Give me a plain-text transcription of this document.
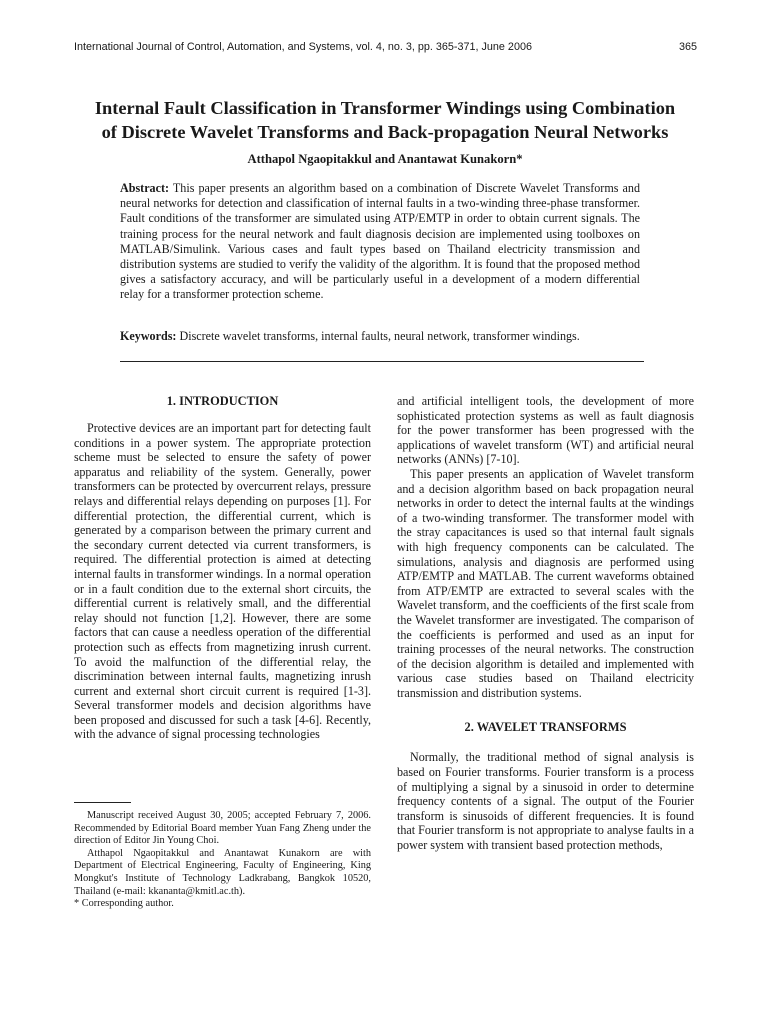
International Journal of Control, Automation, and Systems, vol. 4, no. 3, pp. 365-371, June 2006	365
Internal Fault Classification in Transformer Windings using Combination
of Discrete Wavelet Transforms and Back-propagation Neural Networks
Atthapol Ngaopitakkul and Anantawat Kunakorn*

Abstract: This paper presents an algorithm based on a combination of Discrete Wavelet Transforms and neural networks for detection and classification of internal faults in a two-winding three-phase transformer. Fault conditions of the transformer are simulated using ATP/EMTP in order to obtain current signals. The training process for the neural network and fault diagnosis decision are implemented using toolboxes on MATLAB/Simulink. Various cases and fault types based on Thailand electricity transmission and distribution systems are studied to verify the validity of the algorithm. It is found that the proposed method gives a satisfactory accuracy, and will be particularly useful in a development of a modern differential relay for a transformer protection scheme.

Keywords: Discrete wavelet transforms, internal faults, neural network, transformer windings.
1. INTRODUCTION

Protective devices are an important part for detecting fault conditions in a power system. The appropriate protection scheme must be selected to ensure the safety of power apparatus and reliability of the system. Generally, power transformers can be protected by overcurrent relays, pressure relays and differential relays depending on purposes [1]. For differential protection, the differential current, which is generated by a comparison between the primary current and the secondary current detected via current transformers, is required. The differential protection is aimed at detecting internal faults in transformer windings. In a normal operation or in a fault condition due to the external short circuits, the differential current is relatively small, and the differential relay should not function [1,2]. However, there are some factors that can cause a needless operation of the differential protection such as effects from magnetizing inrush current. To avoid the malfunction of the differential relay, the discrimination between internal faults, magnetizing inrush current and external short circuit current is required [1-3]. Several transformer models and decision algorithms have been proposed and discussed for such a task [4-6]. Recently, with the advance of signal processing technologies

and artificial intelligent tools, the development of more sophisticated protection systems as well as fault diagnosis for the power transformer has been progressed with the applications of wavelet transform (WT) and artificial neural networks (ANNs) [7-10].

This paper presents an application of Wavelet transform and a decision algorithm based on back propagation neural networks in order to detect the internal faults at the windings of a two-winding transformer. The transformer model with the stray capacitances is used so that internal fault signals with high frequency components can be calculated. The simulations, analysis and diagnosis are performed using ATP/EMTP and MATLAB. The current waveforms obtained from ATP/EMTP are extracted to several scales with the Wavelet transform, and the coefficients of the first scale from the Wavelet transformer are investigated. The comparison of the coefficients is performed and used as an input for training processes of the neural networks. The construction of the decision algorithm is detailed and implemented with various case studies based on Thailand electricity transmission and distribution systems.

2. WAVELET TRANSFORMS

Normally, the traditional method of signal analysis is based on Fourier transforms. Fourier transform is a process of multiplying a signal by a sinusoid in order to determine frequency contents of a signal. The output of the Fourier transform is sinusoids of different frequencies. It is found that Fourier transform is not appropriate to analyse faults in a power system with transient based protection methods,

Manuscript received August 30, 2005; accepted February 7, 2006. Recommended by Editorial Board member Yuan Fang Zheng under the direction of Editor Jin Young Choi.

Atthapol Ngaopitakkul and Anantawat Kunakorn are with Department of Electrical Engineering, Faculty of Engineering, King Mongkut's Institute of Technology Ladkrabang, Bangkok 10520, Thailand (e-mail: kkananta@kmitl.ac.th).

* Corresponding author.
